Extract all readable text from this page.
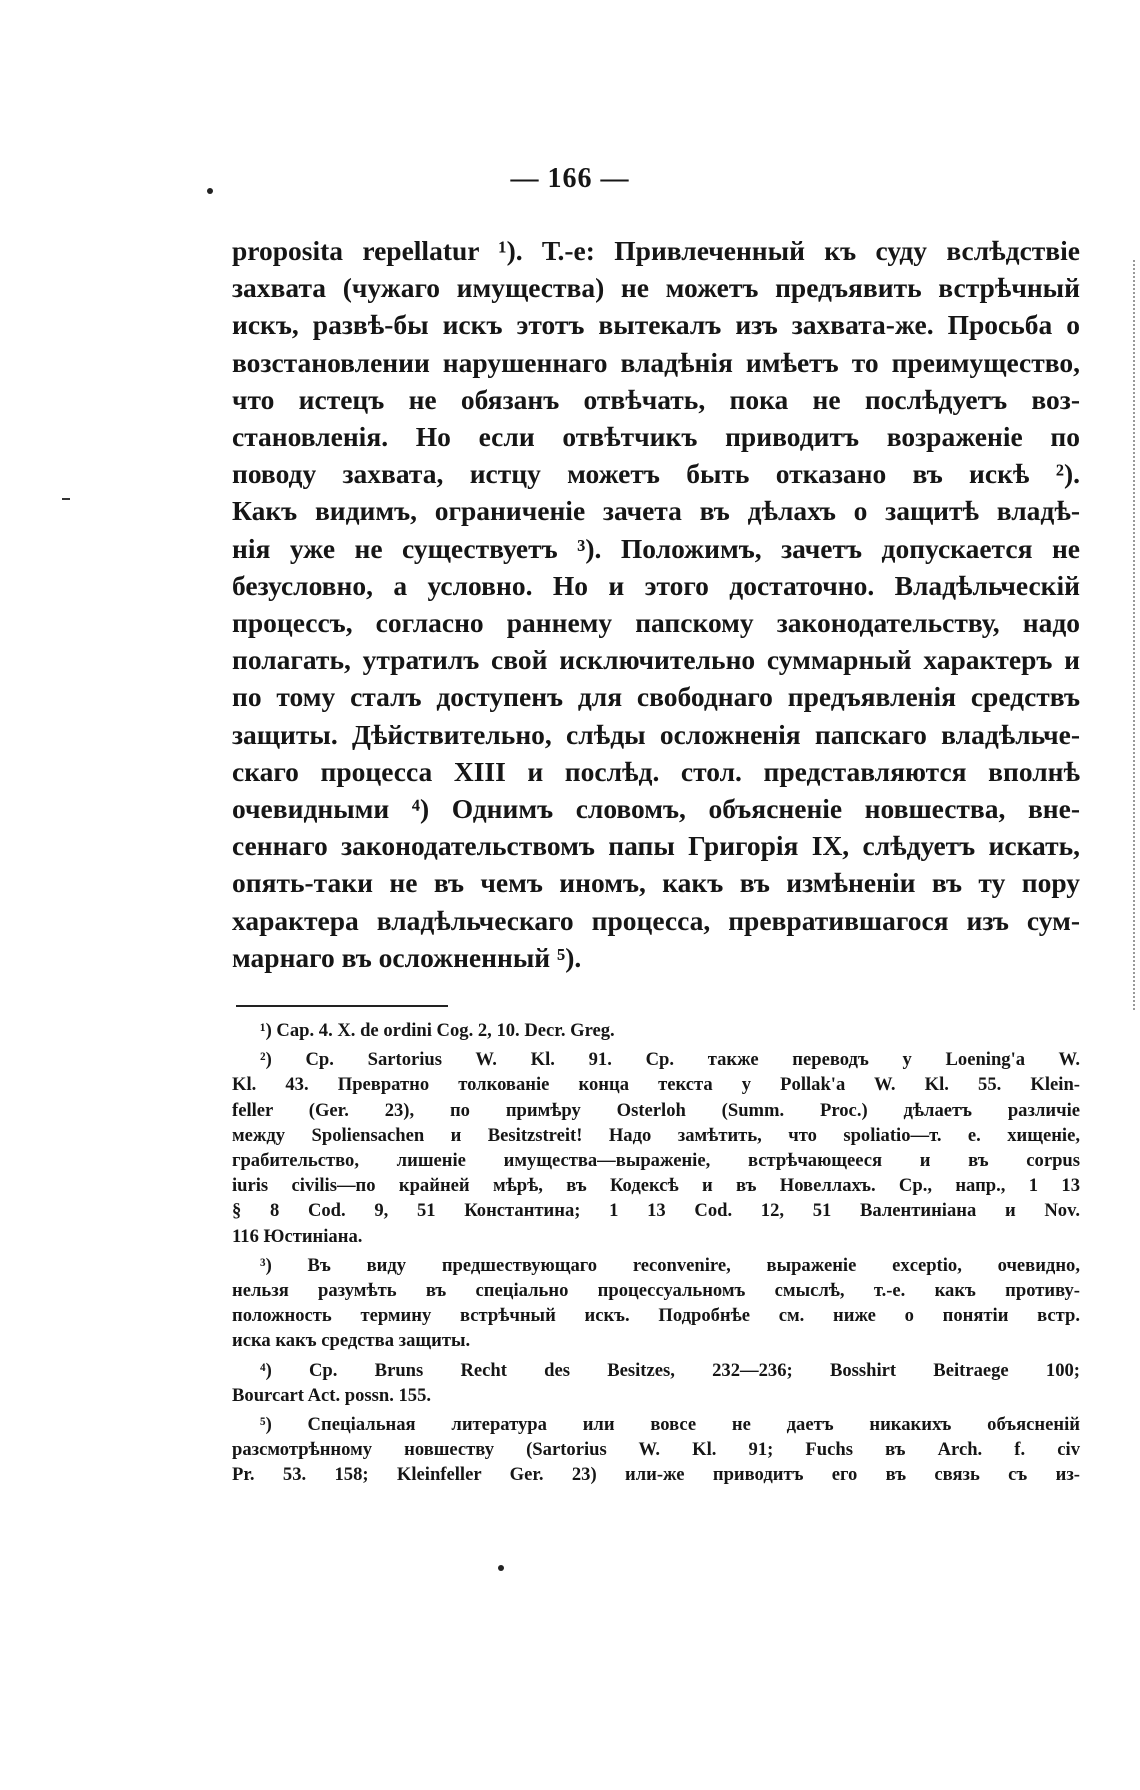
— 166 —
proposita repellatur ¹). Т.-е: Привлеченный къ суду вслѣдствіе
захвата (чужаго имущества) не можетъ предъявить встрѣчный
искъ, развѣ-бы искъ этотъ вытекалъ изъ захвата-же. Просьба о
возстановлении нарушеннаго владѣнія имѣетъ то преимущество,
что истецъ не обязанъ отвѣчать, пока не послѣдуетъ воз-
становленія. Но если отвѣтчикъ приводитъ возраженіе по
поводу захвата, истцу можетъ быть отказано въ искѣ ²).
Какъ видимъ, ограниченіе зачета въ дѣлахъ о защитѣ владѣ-
нія уже не существуетъ ³). Положимъ, зачетъ допускается не
безусловно, а условно. Но и этого достаточно. Владѣльческій
процессъ, согласно раннему папскому законодательству, надо
полагать, утратилъ свой исключительно суммарный характеръ и
по тому сталъ доступенъ для свободнаго предъявленія средствъ
защиты. Дѣйствительно, слѣды осложненія папскаго владѣльче-
скаго процесса XIII и послѣд. стол. представляются вполнѣ
очевидными ⁴) Однимъ словомъ, объясненіе новшества, вне-
сеннаго законодательствомъ папы Григорія IX, слѣдуетъ искать,
опять-таки не въ чемъ иномъ, какъ въ измѣненіи въ ту пору
характера владѣльческаго процесса, превратившагося изъ сум-
марнаго въ осложненный ⁵).
¹) Cap. 4. X. de ordini Cog. 2, 10. Decr. Greg.
²) Ср. Sartorius W. Kl. 91. Ср. также переводъ у Loening'a W.
Kl. 43. Превратно толкованіе конца текста у Pollak'a W. Kl. 55. Klein-
feller (Ger. 23), по примѣру Osterloh (Summ. Proc.) дѣлаетъ различіе
между Spoliensachen и Besitzstreit! Надо замѣтить, что spoliatio—т. е. хищеніе,
грабительство, лишеніе имущества—выраженіе, встрѣчающееся и въ corpus
iuris civilis—по крайней мѣрѣ, въ Кодексѣ и въ Новеллахъ. Ср., напр., 1 13
§ 8 Cod. 9, 51 Константина; 1 13 Cod. 12, 51 Валентиніана и Nov.
116 Юстиніана.
³) Въ виду предшествующаго reconvenire, выраженіе exceptio, очевидно,
нельзя разумѣть въ спеціально процессуальномъ смыслѣ, т.-е. какъ противу-
положность термину встрѣчный искъ. Подробнѣе см. ниже о понятіи встр.
иска какъ средства защиты.
⁴) Ср. Bruns Recht des Besitzes, 232—236; Bosshirt Beitraege 100;
Bourcart Act. possn. 155.
⁵) Спеціальная литература или вовсе не даетъ никакихъ объясненій
разсмотрѣнному новшеству (Sartorius W. Kl. 91; Fuchs въ Arch. f. civ
Pr. 53. 158; Kleinfeller Ger. 23) или-же приводитъ его въ связь съ из-
